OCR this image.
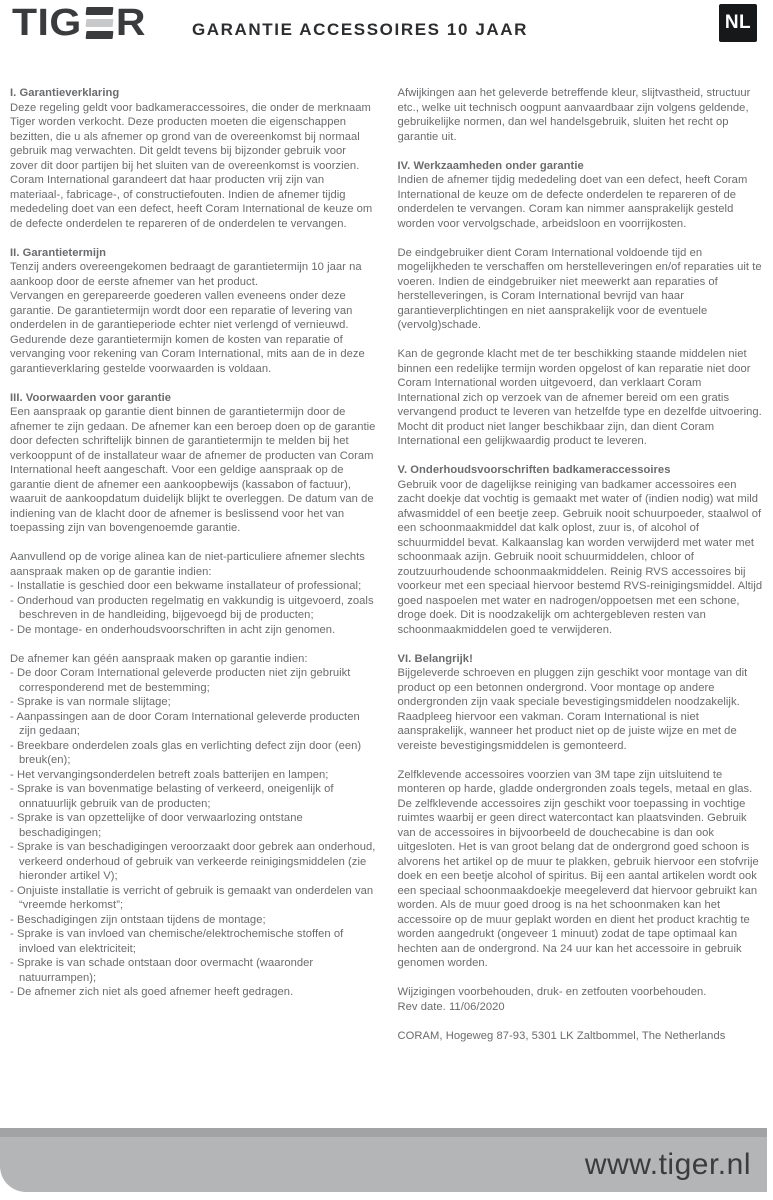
TIG R	GARANTIE ACCESSOIRES 10 JAAR	NL
I. Garantieverklaring

Deze regeling geldt voor badkameraccessoires, die onder de merknaam Tiger worden verkocht. Deze producten moeten die eigenschappen bezitten, die u als afnemer op grond van de overeenkomst bij normaal gebruik mag verwachten. Dit geldt tevens bij bijzonder gebruik voor zover dit door partijen bij het sluiten van de overeenkomst is voorzien. Coram International garandeert dat haar producten vrij zijn van materiaal-, fabricage-, of constructiefouten. Indien de afnemer tijdig mededeling doet van een defect, heeft Coram International de keuze om de defecte onderdelen te repareren of de onderdelen te vervangen.

II. Garantietermijn

Tenzij anders overeengekomen bedraagt de garantietermijn 10 jaar na aankoop door de eerste afnemer van het product.

Vervangen en gerepareerde goederen vallen eveneens onder deze garantie. De garantietermijn wordt door een reparatie of levering van onderdelen in de garantieperiode echter niet verlengd of vernieuwd.

Gedurende deze garantietermijn komen de kosten van reparatie of vervanging voor rekening van Coram International, mits aan de in deze garantieverklaring gestelde voorwaarden is voldaan.

III. Voorwaarden voor garantie

Een aanspraak op garantie dient binnen de garantietermijn door de afnemer te zijn gedaan. De afnemer kan een beroep doen op de garantie door defecten schriftelijk binnen de garantietermijn te melden bij het verkooppunt of de installateur waar de afnemer de producten van Coram International heeft aangeschaft. Voor een geldige aanspraak op de garantie dient de afnemer een aankoopbewijs (kassabon of factuur), waaruit de aankoopdatum duidelijk blijkt te overleggen. De datum van de indiening van de klacht door de afnemer is beslissend voor het van toepassing zijn van bovengenoemde garantie.

Aanvullend op de vorige alinea kan de niet-particuliere afnemer slechts aanspraak maken op de garantie indien:

- Installatie is geschied door een bekwame installateur of professional;
- Onderhoud van producten regelmatig en vakkundig is uitgevoerd, zoals beschreven in de handleiding, bijgevoegd bij de producten;
- De montage- en onderhoudsvoorschriften in acht zijn genomen.

De afnemer kan géén aanspraak maken op garantie indien:

- De door Coram International geleverde producten niet zijn gebruikt corresponderend met de bestemming;
- Sprake is van normale slijtage;
- Aanpassingen aan de door Coram International geleverde producten zijn gedaan;
- Breekbare onderdelen zoals glas en verlichting defect zijn door (een) breuk(en);
- Het vervangingsonderdelen betreft zoals batterijen en lampen;
- Sprake is van bovenmatige belasting of verkeerd, oneigenlijk of onnatuurlijk gebruik van de producten;
- Sprake is van opzettelijke of door verwaarlozing ontstane beschadigingen;
- Sprake is van beschadigingen veroorzaakt door gebrek aan onderhoud, verkeerd onderhoud of gebruik van verkeerde reinigingsmiddelen (zie hieronder artikel V);
- Onjuiste installatie is verricht of gebruik is gemaakt van onderdelen van “vreemde herkomst”;
- Beschadigingen zijn ontstaan tijdens de montage;
- Sprake is van invloed van chemische/elektrochemische stoffen of invloed van elektriciteit;
- Sprake is van schade ontstaan door overmacht (waaronder natuurrampen);
- De afnemer zich niet als goed afnemer heeft gedragen.

Afwijkingen aan het geleverde betreffende kleur, slijtvastheid, structuur etc., welke uit technisch oogpunt aanvaardbaar zijn volgens geldende, gebruikelijke normen, dan wel handelsgebruik, sluiten het recht op garantie uit.

IV. Werkzaamheden onder garantie

Indien de afnemer tijdig mededeling doet van een defect, heeft Coram International de keuze om de defecte onderdelen te repareren of de onderdelen te vervangen. Coram kan nimmer aansprakelijk gesteld worden voor vervolgschade, arbeidsloon en voorrijkosten.

De eindgebruiker dient Coram International voldoende tijd en mogelijkheden te verschaffen om herstelleveringen en/of reparaties uit te voeren. Indien de eindgebruiker niet meewerkt aan reparaties of herstelleveringen, is Coram International bevrijd van haar garantieverplichtingen en niet aansprakelijk voor de eventuele (vervolg)schade.

Kan de gegronde klacht met de ter beschikking staande middelen niet binnen een redelijke termijn worden opgelost of kan reparatie niet door Coram International worden uitgevoerd, dan verklaart Coram International zich op verzoek van de afnemer bereid om een gratis vervangend product te leveren van hetzelfde type en dezelfde uitvoering. Mocht dit product niet langer beschikbaar zijn, dan dient Coram International een gelijkwaardig product te leveren.

V. Onderhoudsvoorschriften badkameraccessoires

Gebruik voor de dagelijkse reiniging van badkamer accessoires een zacht doekje dat vochtig is gemaakt met water of (indien nodig) wat mild afwasmiddel of een beetje zeep. Gebruik nooit schuurpoeder, staalwol of een schoonmaakmiddel dat kalk oplost, zuur is, of alcohol of schuurmiddel bevat. Kalkaanslag kan worden verwijderd met water met schoonmaak azijn. Gebruik nooit schuurmiddelen, chloor of zoutzuurhoudende schoonmaakmiddelen. Reinig RVS accessoires bij voorkeur met een speciaal hiervoor bestemd RVS-reinigingsmiddel. Altijd goed naspoelen met water en nadrogen/oppoetsen met een schone, droge doek. Dit is noodzakelijk om achtergebleven resten van schoonmaakmiddelen goed te verwijderen.

VI. Belangrijk!

Bijgeleverde schroeven en pluggen zijn geschikt voor montage van dit product op een betonnen ondergrond. Voor montage op andere ondergronden zijn vaak speciale bevestigingsmiddelen noodzakelijk. Raadpleeg hiervoor een vakman. Coram International is niet aansprakelijk, wanneer het product niet op de juiste wijze en met de vereiste bevestigingsmiddelen is gemonteerd.

Zelfklevende accessoires voorzien van 3M tape zijn uitsluitend te monteren op harde, gladde ondergronden zoals tegels, metaal en glas. De zelfklevende accessoires zijn geschikt voor toepassing in vochtige ruimtes waarbij er geen direct watercontact kan plaatsvinden. Gebruik van de accessoires in bijvoorbeeld de douchecabine is dan ook uitgesloten. Het is van groot belang dat de ondergrond goed schoon is alvorens het artikel op de muur te plakken, gebruik hiervoor een stofvrije doek en een beetje alcohol of spiritus. Bij een aantal artikelen wordt ook een speciaal schoonmaakdoekje meegeleverd dat hiervoor gebruikt kan worden. Als de muur goed droog is na het schoonmaken kan het accessoire op de muur geplakt worden en dient het product krachtig te worden aangedrukt (ongeveer 1 minuut) zodat de tape optimaal kan hechten aan de ondergrond. Na 24 uur kan het accessoire in gebruik genomen worden.

Wijzigingen voorbehouden, druk- en zetfouten voorbehouden.

Rev date. 11/06/2020

CORAM, Hogeweg 87-93, 5301 LK Zaltbommel, The Netherlands

www.tiger.nl
